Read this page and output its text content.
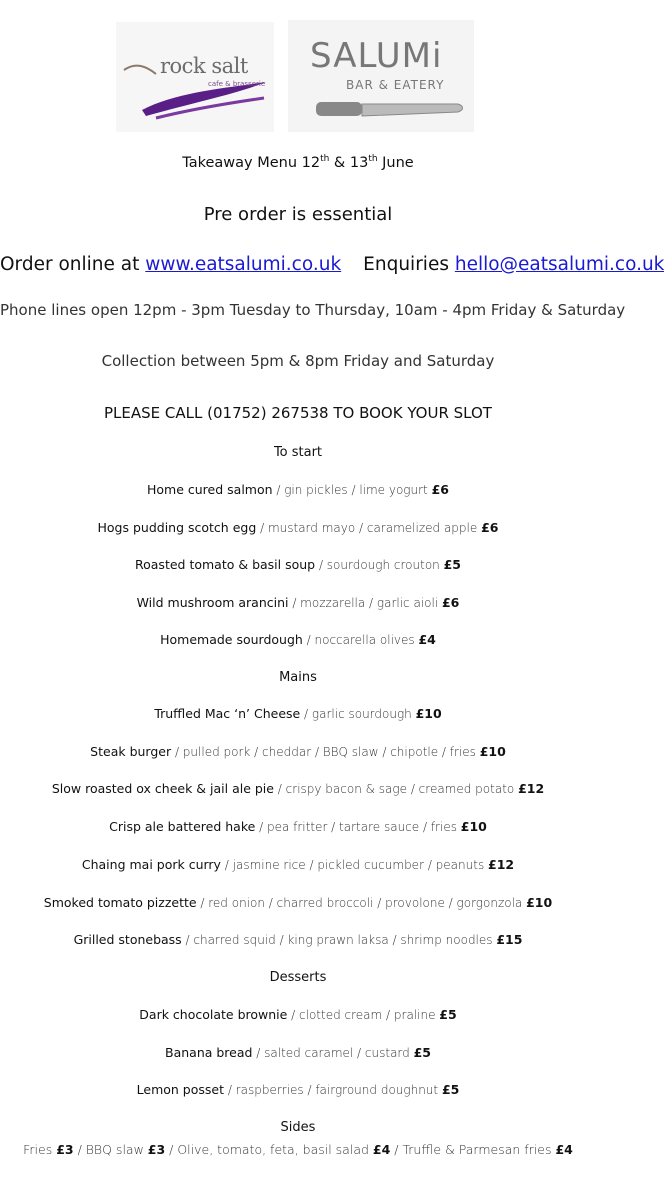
rock salt
cafe & brasserie
SALUMi
BAR & EATERY
Takeaway Menu 12th & 13th June
Pre order is essential
Order online at www.eatsalumi.co.uk Enquiries hello@eatsalumi.co.uk
Phone lines open 12pm - 3pm Tuesday to Thursday, 10am - 4pm Friday & Saturday
Collection between 5pm & 8pm Friday and Saturday
PLEASE CALL (01752) 267538 TO BOOK YOUR SLOT
To start
Home cured salmon / gin pickles / lime yogurt £6
Hogs pudding scotch egg / mustard mayo / caramelized apple £6
Roasted tomato & basil soup / sourdough crouton £5
Wild mushroom arancini / mozzarella / garlic aioli £6
Homemade sourdough / noccarella olives £4
Mains
Truffled Mac ‘n’ Cheese / garlic sourdough £10
Steak burger / pulled pork / cheddar / BBQ slaw / chipotle / fries £10
Slow roasted ox cheek & jail ale pie / crispy bacon & sage / creamed potato £12
Crisp ale battered hake / pea fritter / tartare sauce / fries £10
Chaing mai pork curry / jasmine rice / pickled cucumber / peanuts £12
Smoked tomato pizzette / red onion / charred broccoli / provolone / gorgonzola £10
Grilled stonebass / charred squid / king prawn laksa / shrimp noodles £15
Desserts
Dark chocolate brownie / clotted cream / praline £5
Banana bread / salted caramel / custard £5
Lemon posset / raspberries / fairground doughnut £5
Sides
Fries £3 / BBQ slaw £3 / Olive, tomato, feta, basil salad £4 / Truffle & Parmesan fries £4
